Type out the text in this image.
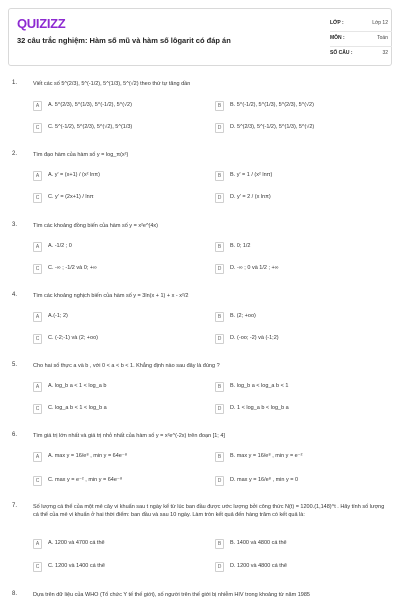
QUIZIZZ
32 câu trắc nghiệm: Hàm số mũ và hàm số lôgarit có đáp án
LỚP :	Lớp 12
MÔN :	Toán
SỐ CÂU :	32
1.	Viết các số 5^(2/3), 5^(-1/2), 5^(1/3), 5^(√2) theo thứ tự tăng dần
A	A. 5^(2/3), 5^(1/3), 5^(-1/2), 5^(√2)	B	B. 5^(-1/2), 5^(1/3), 5^(2/3), 5^(√2)
C	C. 5^(-1/2), 5^(2/3), 5^(√2), 5^(1/3)	D	D. 5^(2/3), 5^(-1/2), 5^(1/3), 5^(√2)
2.	Tìm đạo hàm của hàm số y = log_π(x²)
A	A. y' = (x+1) / (x² lnπ)	B	B. y' = 1 / (x² lnπ)
C	C. y' = (2x+1) / lnπ	D	D. y' = 2 / (x lnπ)
3.	Tìm các khoảng đồng biến của hàm số y = x²e^(4x)
A	A. -1/2 ; 0	B	B. 0; 1/2
C	C. -∞ ; -1/2 và 0; +∞	D	D. -∞ ; 0 và 1/2 ; +∞
4.	Tìm các khoảng nghịch biến của hàm số y = 3ln(x + 1) + x - x²/2
A	A.(-1; 2)	B	B. (2; +oo)
C	C. (-2;-1) và (2; +oo)	D	D. (-oo; -2) và (-1;2)
5.	Cho hai số thực a và b , với 0 < a < b < 1. Khẳng định nào sau đây là đúng ?
A	A. log_b a < 1 < log_a b	B	B. log_b a < log_a b < 1
C	C. log_a b < 1 < log_b a	D	D. 1 < log_a b < log_b a
6.	Tìm giá trị lớn nhất và giá trị nhỏ nhất của hàm số y = x²e^(-2x) trên đoạn [1; 4]
A	A. max y = 16/e⁸ , min y = 64e⁻⁸	B	B. max y = 16/e⁸ , min y = e⁻²
C	C. max y = e⁻² , min y = 64e⁻⁸	D	D. max y = 16/e⁸ , min y = 0
7.	Số lượng cá thể của một mẻ cây vi khuẩn sau t ngày kể từ lúc ban đầu được ước lượng bởi công thức N(t) = 1200.(1,148)^t . Hãy tính số lượng cá thể của mẻ vi khuẩn ở hai thời điểm: ban đầu và sau 10 ngày. Làm tròn kết quả đến hàng trăm có kết quả là:
A	A. 1200 và 4700 cá thể	B	B. 1400 và 4800 cá thể
C	C. 1200 và 1400 cá thể	D	D. 1200 và 4800 cá thể
8.	Dựa trên dữ liệu của WHO (Tổ chức Y tế thế giới), số người trên thế giới bị nhiễm HIV trong khoảng từ năm 1985
